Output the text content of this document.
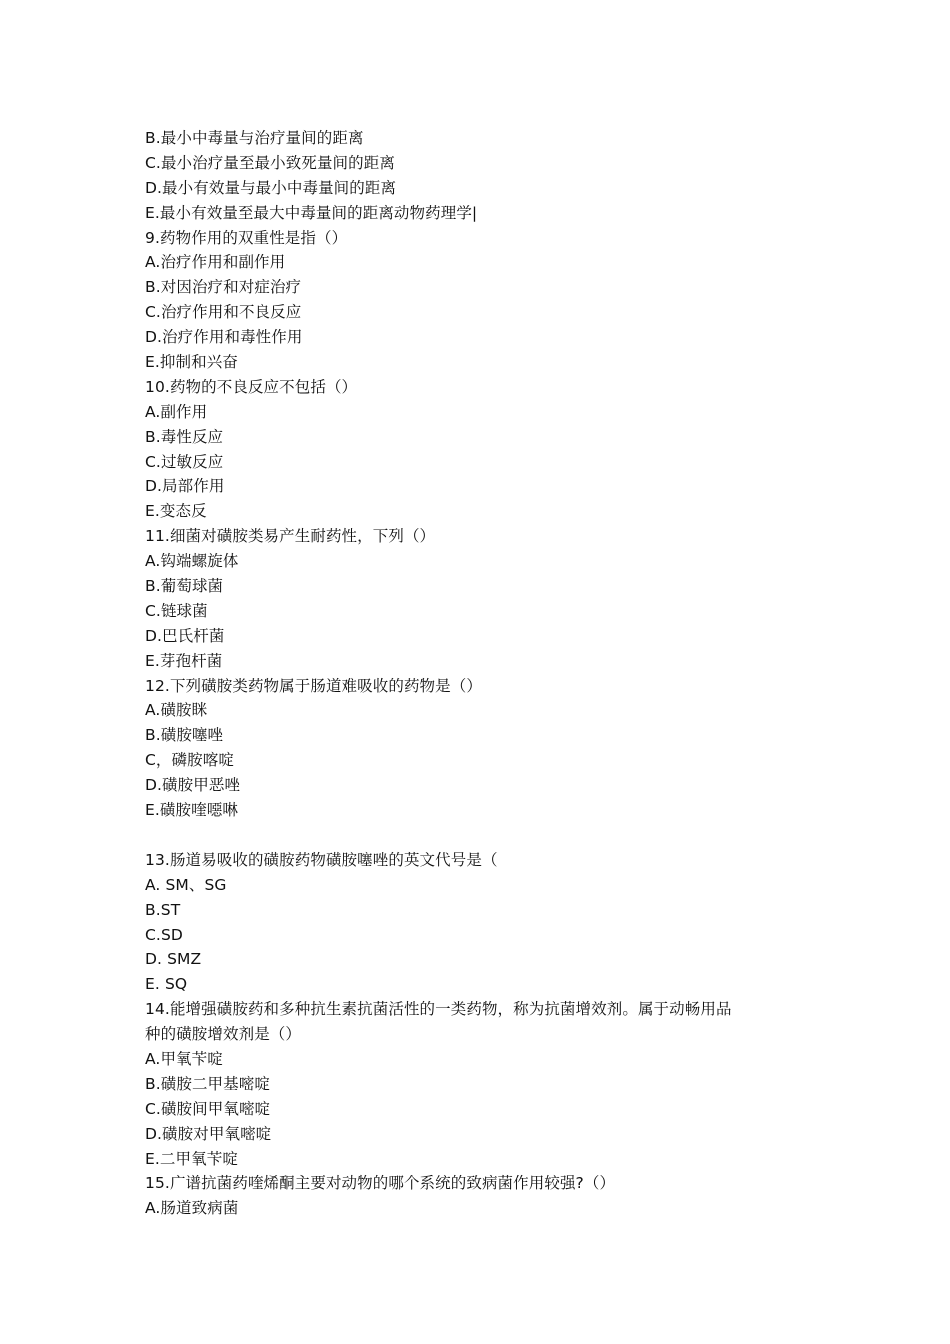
B.最小中毒量与治疗量间的距离
C.最小治疗量至最小致死量间的距离
D.最小有效量与最小中毒量间的距离
E.最小有效量至最大中毒量间的距离动物药理学|
9.药物作用的双重性是指（）
A.治疗作用和副作用
B.对因治疗和对症治疗
C.治疗作用和不良反应
D.治疗作用和毒性作用
E.抑制和兴奋
10.药物的不良反应不包括（）
A.副作用
B.毒性反应
C.过敏反应
D.局部作用
E.变态反
11.细菌对磺胺类易产生耐药性，下列（）
A.钩端螺旋体
B.葡萄球菌
C.链球菌
D.巴氏杆菌
E.芽孢杆菌
12.下列磺胺类药物属于肠道难吸收的药物是（）
A.磺胺眯
B.磺胺噻唑
C，磷胺喀啶
D.磺胺甲恶唑
E.磺胺喹噁啉
13.肠道易吸收的磺胺药物磺胺噻唑的英文代号是（
A. SM、SG
B.ST
C.SD
D. SMZ
E. SQ
14.能增强磺胺药和多种抗生素抗菌活性的一类药物，称为抗菌增效剂。属于动畅用品种的磺胺增效剂是（）
A.甲氧苄啶
B.磺胺二甲基嘧啶
C.磺胺间甲氧嘧啶
D.磺胺对甲氧嘧啶
E.二甲氧苄啶
15.广谱抗菌药喹烯酮主要对动物的哪个系统的致病菌作用较强?（）
A.肠道致病菌
